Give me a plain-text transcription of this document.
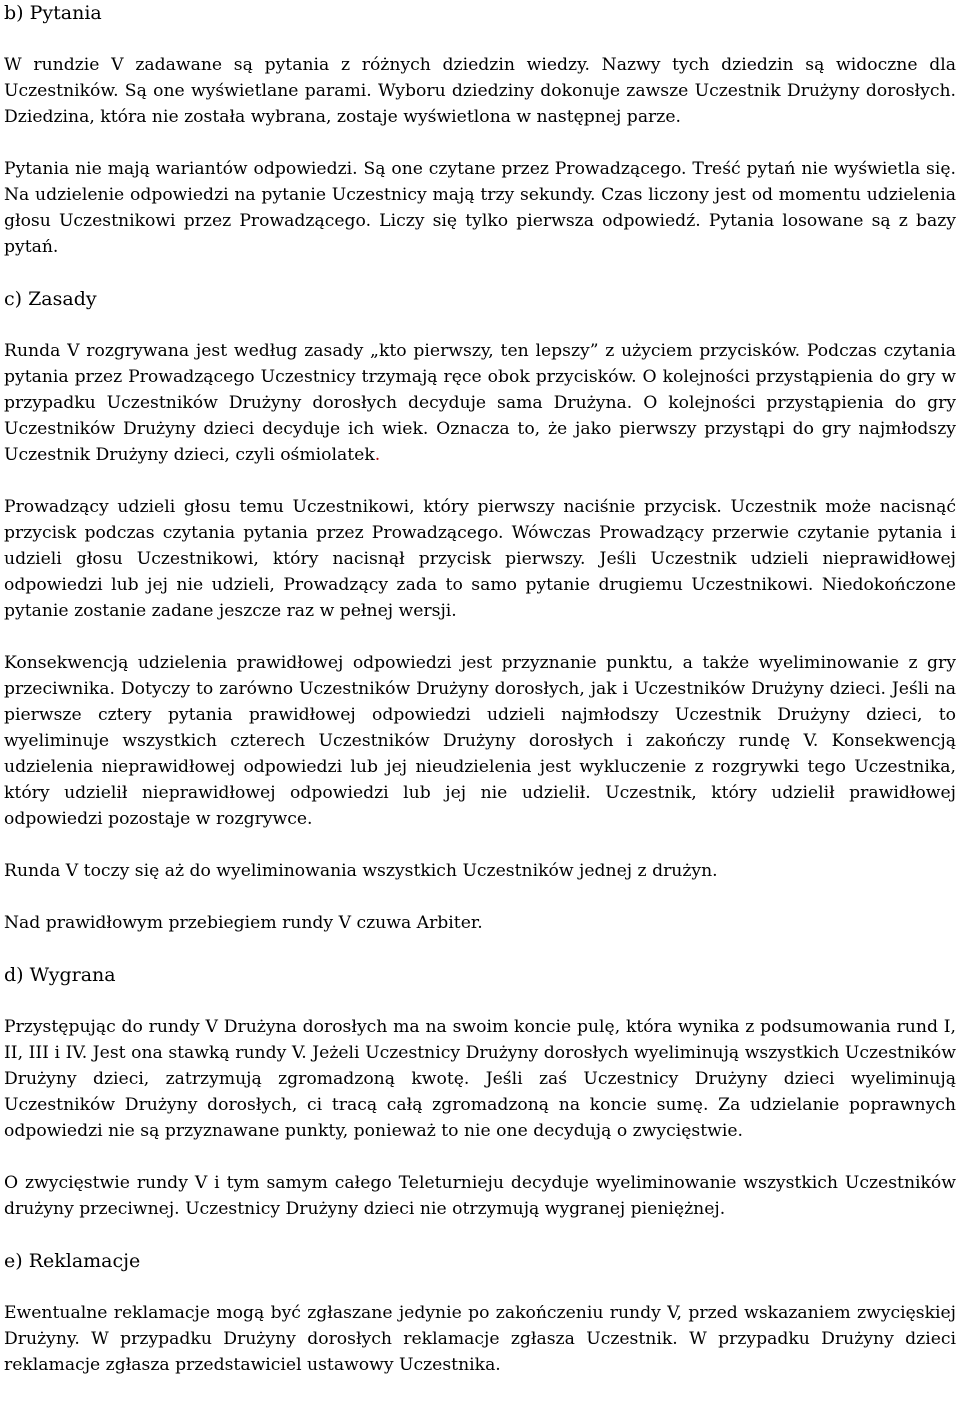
b) Pytania

W rundzie V zadawane są pytania z różnych dziedzin wiedzy. Nazwy tych dziedzin są widoczne dla Uczestników. Są one wyświetlane parami. Wyboru dziedziny dokonuje zawsze Uczestnik Drużyny dorosłych. Dziedzina, która nie została wybrana, zostaje wyświetlona w następnej parze.

Pytania nie mają wariantów odpowiedzi. Są one czytane przez Prowadzącego. Treść pytań nie wyświetla się. Na udzielenie odpowiedzi na pytanie Uczestnicy mają trzy sekundy. Czas liczony jest od momentu udzielenia głosu Uczestnikowi przez Prowadzącego. Liczy się tylko pierwsza odpowiedź. Pytania losowane są z bazy pytań.

c) Zasady

Runda V rozgrywana jest według zasady „kto pierwszy, ten lepszy” z użyciem przycisków. Podczas czytania pytania przez Prowadzącego Uczestnicy trzymają ręce obok przycisków. O kolejności przystąpienia do gry w przypadku Uczestników Drużyny dorosłych decyduje sama Drużyna. O kolejności przystąpienia do gry Uczestników Drużyny dzieci decyduje ich wiek. Oznacza to, że jako pierwszy przystąpi do gry najmłodszy Uczestnik Drużyny dzieci, czyli ośmiolatek.

Prowadzący udzieli głosu temu Uczestnikowi, który pierwszy naciśnie przycisk. Uczestnik może nacisnąć przycisk podczas czytania pytania przez Prowadzącego. Wówczas Prowadzący przerwie czytanie pytania i udzieli głosu Uczestnikowi, który nacisnął przycisk pierwszy. Jeśli Uczestnik udzieli nieprawidłowej odpowiedzi lub jej nie udzieli, Prowadzący zada to samo pytanie drugiemu Uczestnikowi. Niedokończone pytanie zostanie zadane jeszcze raz w pełnej wersji.

Konsekwencją udzielenia prawidłowej odpowiedzi jest przyznanie punktu, a także wyeliminowanie z gry przeciwnika. Dotyczy to zarówno Uczestników Drużyny dorosłych, jak i Uczestników Drużyny dzieci. Jeśli na pierwsze cztery pytania prawidłowej odpowiedzi udzieli najmłodszy Uczestnik Drużyny dzieci, to wyeliminuje wszystkich czterech Uczestników Drużyny dorosłych i zakończy rundę V. Konsekwencją udzielenia nieprawidłowej odpowiedzi lub jej nieudzielenia jest wykluczenie z rozgrywki tego Uczestnika, który udzielił nieprawidłowej odpowiedzi lub jej nie udzielił. Uczestnik, który udzielił prawidłowej odpowiedzi pozostaje w rozgrywce.

Runda V toczy się aż do wyeliminowania wszystkich Uczestników jednej z drużyn.

Nad prawidłowym przebiegiem rundy V czuwa Arbiter.

d) Wygrana

Przystępując do rundy V Drużyna dorosłych ma na swoim koncie pulę, która wynika z podsumowania rund I, II, III i IV. Jest ona stawką rundy V. Jeżeli Uczestnicy Drużyny dorosłych wyeliminują wszystkich Uczestników Drużyny dzieci, zatrzymują zgromadzoną kwotę. Jeśli zaś Uczestnicy Drużyny dzieci wyeliminują Uczestników Drużyny dorosłych, ci tracą całą zgromadzoną na koncie sumę. Za udzielanie poprawnych odpowiedzi nie są przyznawane punkty, ponieważ to nie one decydują o zwycięstwie.

O zwycięstwie rundy V i tym samym całego Teleturnieju decyduje wyeliminowanie wszystkich Uczestników drużyny przeciwnej. Uczestnicy Drużyny dzieci nie otrzymują wygranej pieniężnej.

e) Reklamacje

Ewentualne reklamacje mogą być zgłaszane jedynie po zakończeniu rundy V, przed wskazaniem zwycięskiej Drużyny. W przypadku Drużyny dorosłych reklamacje zgłasza Uczestnik. W przypadku Drużyny dzieci reklamacje zgłasza przedstawiciel ustawowy Uczestnika.
